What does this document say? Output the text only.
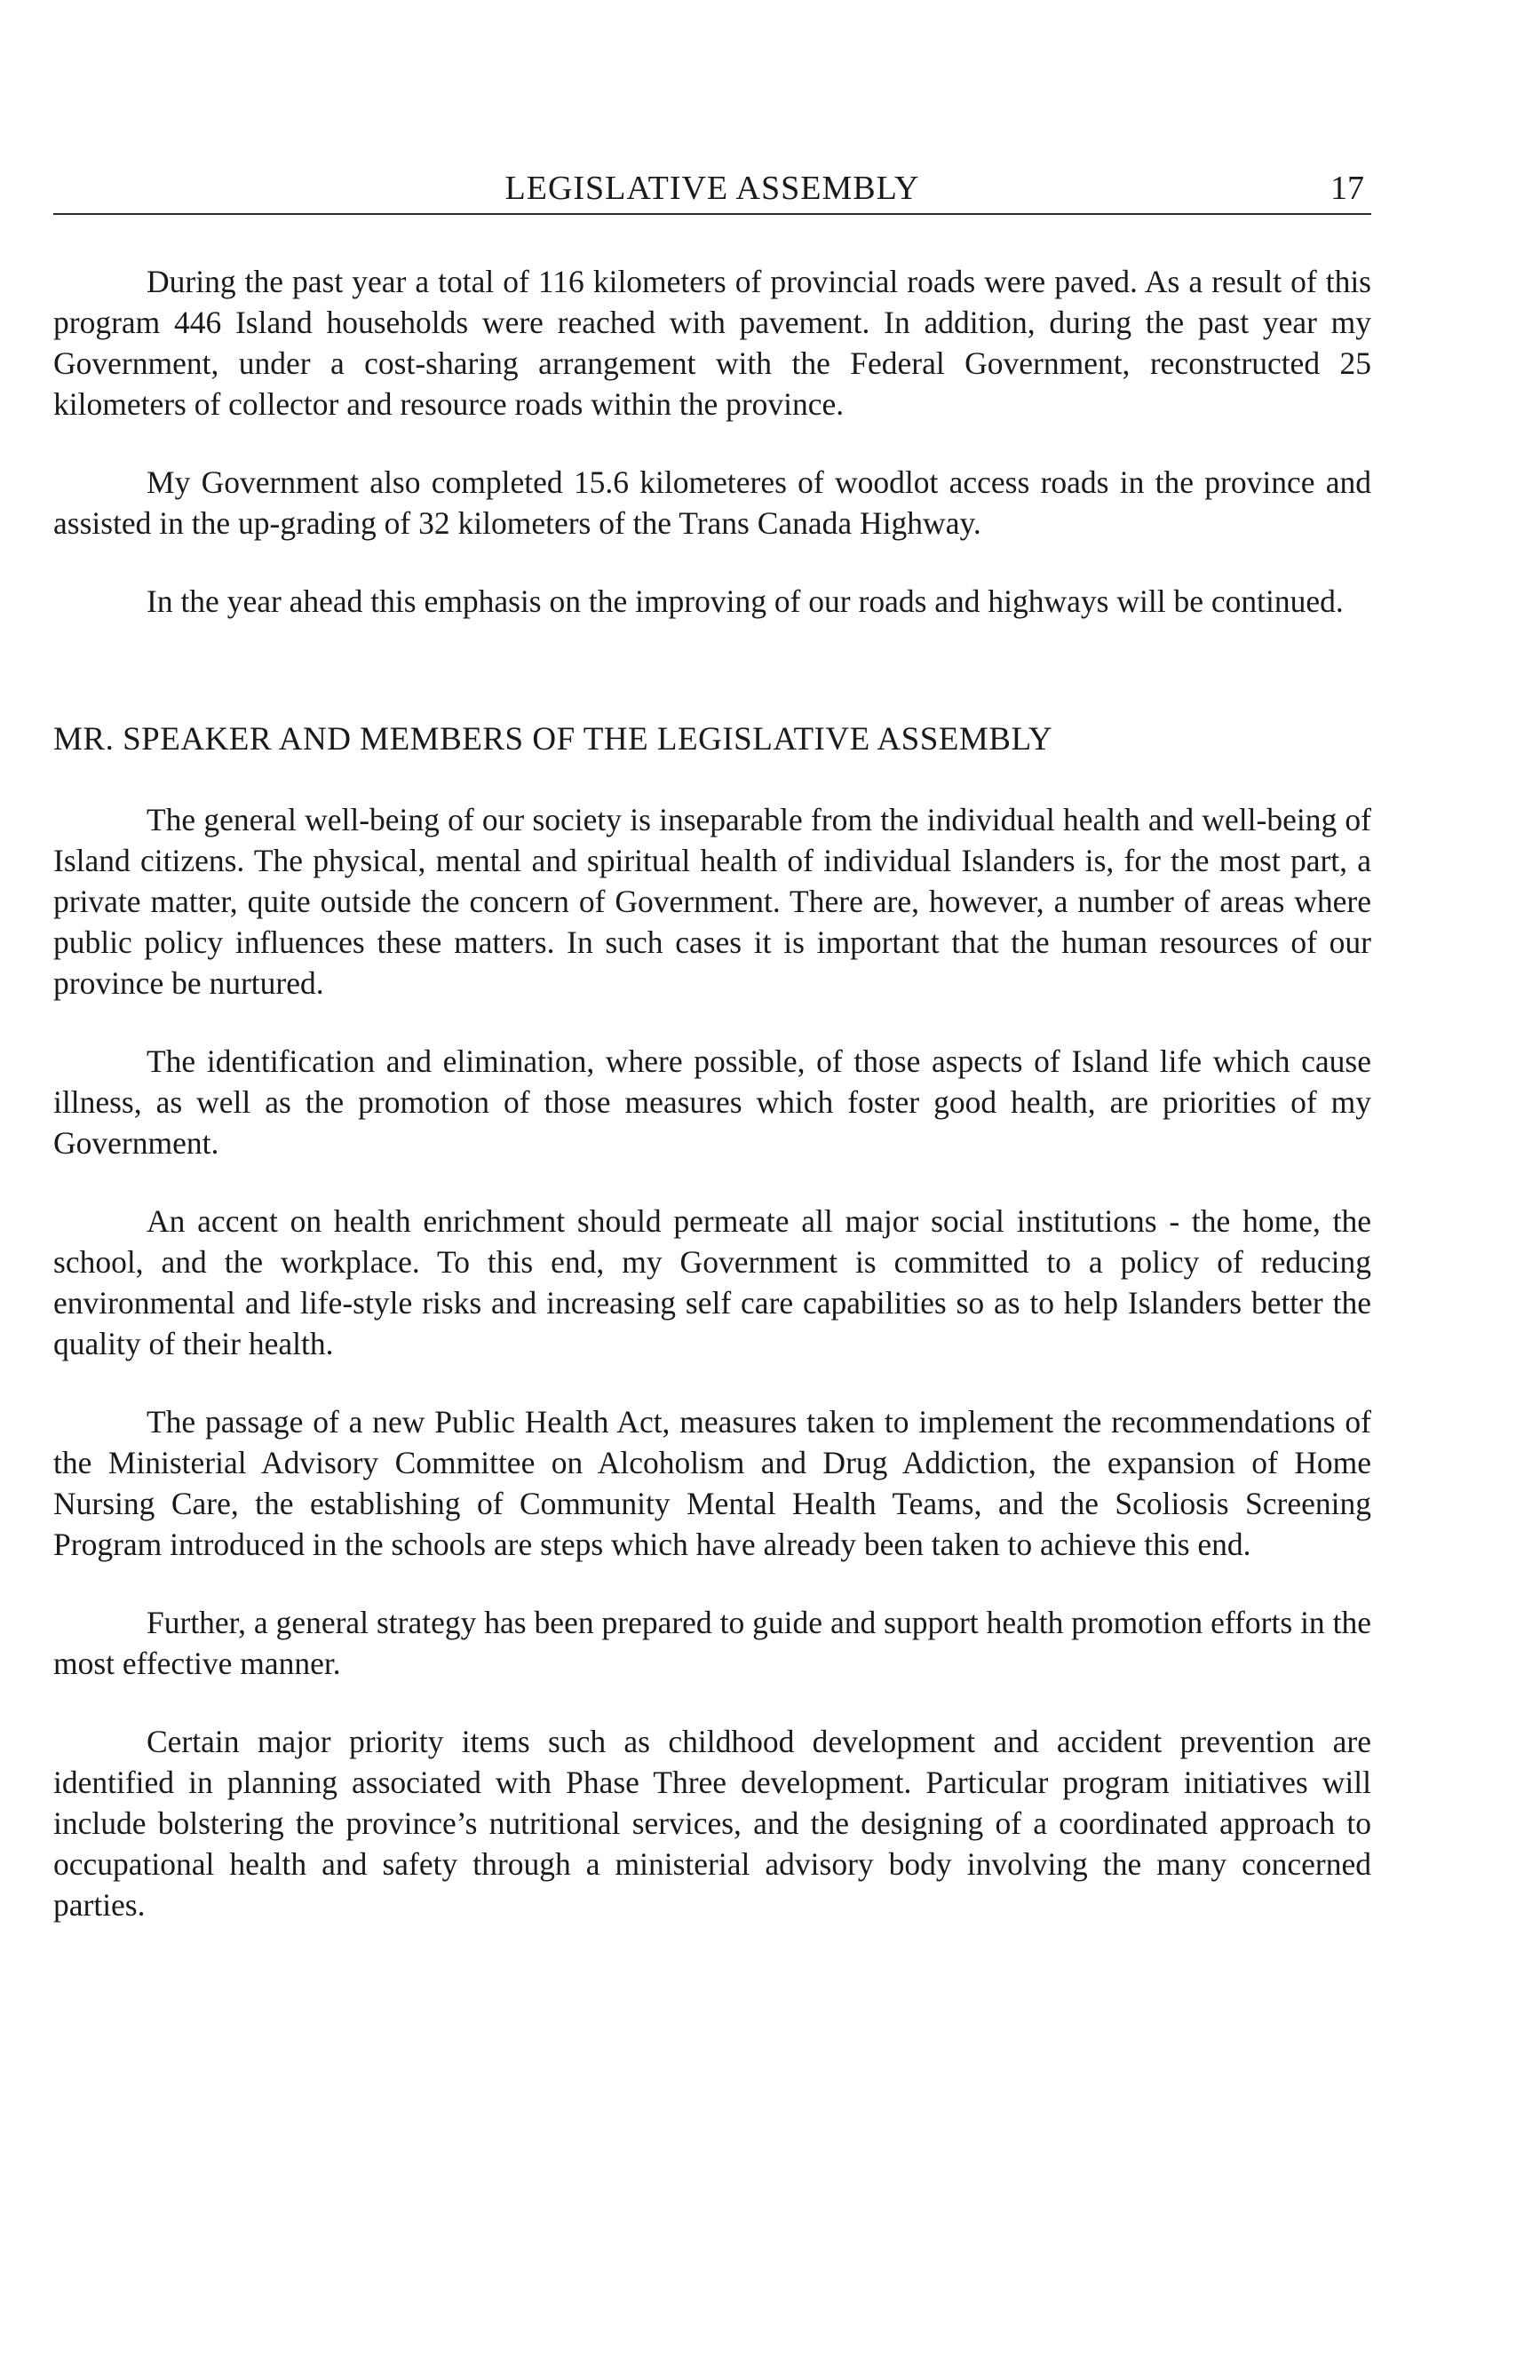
LEGISLATIVE ASSEMBLY	17

During the past year a total of 116 kilometers of provincial roads were paved. As a result of this program 446 Island households were reached with pavement. In addition, during the past year my Government, under a cost-sharing arrangement with the Federal Government, reconstructed 25 kilometers of collector and resource roads within the province.

My Government also completed 15.6 kilometeres of woodlot access roads in the province and assisted in the up-grading of 32 kilometers of the Trans Canada Highway.

In the year ahead this emphasis on the improving of our roads and highways will be continued.

MR. SPEAKER AND MEMBERS OF THE LEGISLATIVE ASSEMBLY

The general well-being of our society is inseparable from the individual health and well-being of Island citizens. The physical, mental and spiritual health of individual Islanders is, for the most part, a private matter, quite outside the concern of Government. There are, however, a number of areas where public policy influences these matters. In such cases it is important that the human resources of our province be nurtured.

The identification and elimination, where possible, of those aspects of Island life which cause illness, as well as the promotion of those measures which foster good health, are priorities of my Government.

An accent on health enrichment should permeate all major social institutions - the home, the school, and the workplace. To this end, my Government is committed to a policy of reducing environmental and life-style risks and increasing self care capabilities so as to help Islanders better the quality of their health.

The passage of a new Public Health Act, measures taken to implement the recommendations of the Ministerial Advisory Committee on Alcoholism and Drug Addiction, the expansion of Home Nursing Care, the establishing of Community Mental Health Teams, and the Scoliosis Screening Program introduced in the schools are steps which have already been taken to achieve this end.

Further, a general strategy has been prepared to guide and support health promotion efforts in the most effective manner.

Certain major priority items such as childhood development and accident prevention are identified in planning associated with Phase Three development. Particular program initiatives will include bolstering the province’s nutritional services, and the designing of a coordinated approach to occupational health and safety through a ministerial advisory body involving the many concerned parties.
